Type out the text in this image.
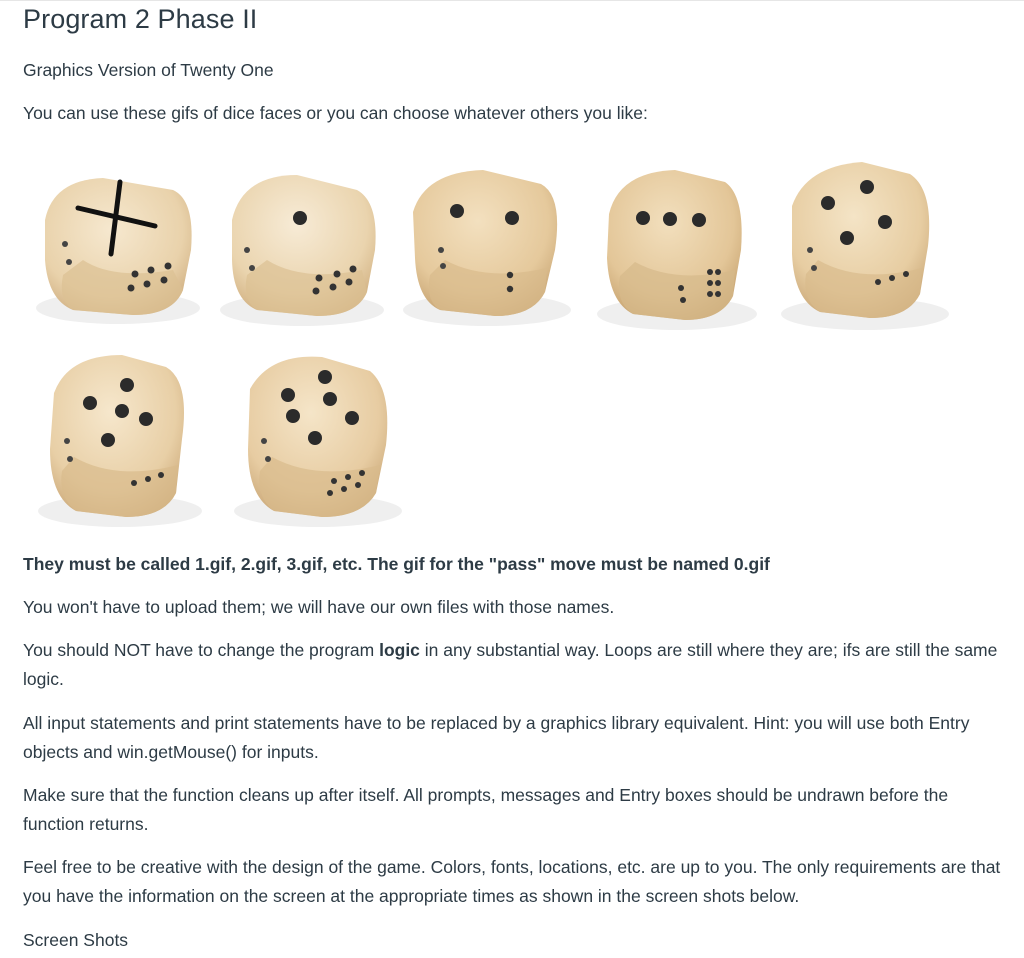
Program 2 Phase II

Graphics Version of Twenty One

You can use these gifs of dice faces or you can choose whatever others you like:

They must be called 1.gif, 2.gif, 3.gif, etc. The gif for the "pass" move must be named 0.gif

You won't have to upload them; we will have our own files with those names.

You should NOT have to change the program logic in any substantial way. Loops are still where they are; ifs are still the same logic.

All input statements and print statements have to be replaced by a graphics library equivalent. Hint: you will use both Entry objects and win.getMouse() for inputs.

Make sure that the function cleans up after itself. All prompts, messages and Entry boxes should be undrawn before the function returns.

Feel free to be creative with the design of the game. Colors, fonts, locations, etc. are up to you. The only requirements are that you have the information on the screen at the appropriate times as shown in the screen shots below.

Screen Shots
